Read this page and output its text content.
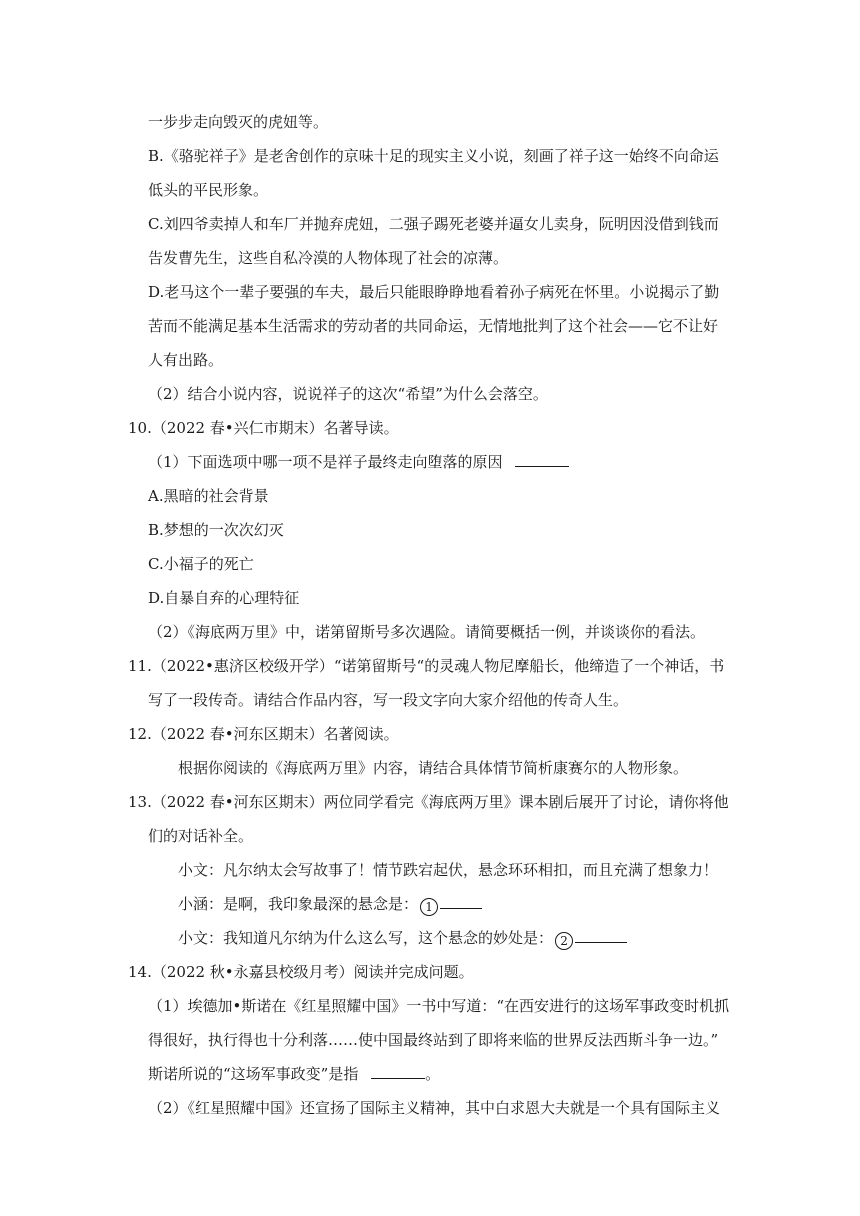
一步步走向毁灭的虎妞等。
B.《骆驼祥子》是老舍创作的京味十足的现实主义小说，刻画了祥子这一始终不向命运
低头的平民形象。
C.刘四爷卖掉人和车厂并抛弃虎妞，二强子踢死老婆并逼女儿卖身，阮明因没借到钱而
告发曹先生，这些自私冷漠的人物体现了社会的凉薄。
D.老马这个一辈子要强的车夫，最后只能眼睁睁地看着孙子病死在怀里。小说揭示了勤
苦而不能满足基本生活需求的劳动者的共同命运，无情地批判了这个社会——它不让好
人有出路。
（2）结合小说内容，说说祥子的这次“希望”为什么会落空。
10.（2022 春•兴仁市期末）名著导读。
（1）下面选项中哪一项不是祥子最终走向堕落的原因
A.黑暗的社会背景
B.梦想的一次次幻灭
C.小福子的死亡
D.自暴自弃的心理特征
（2）《海底两万里》中，诺第留斯号多次遇险。请简要概括一例，并谈谈你的看法。
11.（2022•惠济区校级开学）“诺第留斯号“的灵魂人物尼摩船长，他缔造了一个神话，书
写了一段传奇。请结合作品内容，写一段文字向大家介绍他的传奇人生。
12.（2022 春•河东区期末）名著阅读。
根据你阅读的《海底两万里》内容，请结合具体情节简析康赛尔的人物形象。
13.（2022 春•河东区期末）两位同学看完《海底两万里》课本剧后展开了讨论，请你将他
们的对话补全。
小文：凡尔纳太会写故事了！情节跌宕起伏，悬念环环相扣，而且充满了想象力！
小涵：是啊，我印象最深的悬念是： 1
小文：我知道凡尔纳为什么这么写，这个悬念的妙处是： 2
14.（2022 秋•永嘉县校级月考）阅读并完成问题。
（1）埃德加•斯诺在《红星照耀中国》一书中写道：“在西安进行的这场军事政变时机抓
得很好，执行得也十分利落……使中国最终站到了即将来临的世界反法西斯斗争一边。”
斯诺所说的“这场军事政变”是指	。
（2）《红星照耀中国》还宣扬了国际主义精神，其中白求恩大夫就是一个具有国际主义
